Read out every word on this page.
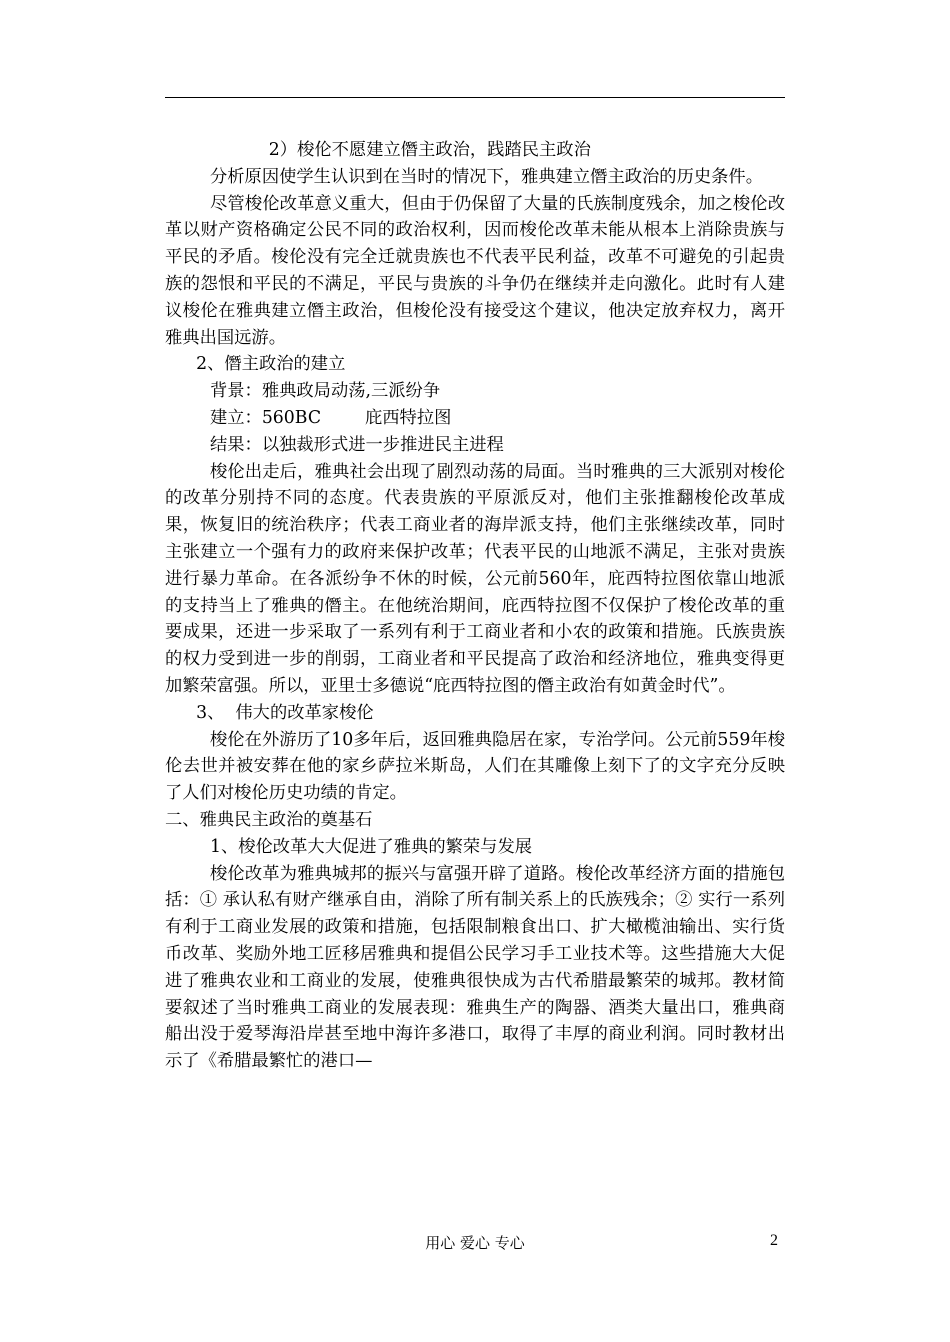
2）梭伦不愿建立僭主政治，践踏民主政治

分析原因使学生认识到在当时的情况下，雅典建立僭主政治的历史条件。

尽管梭伦改革意义重大，但由于仍保留了大量的氏族制度残余，加之梭伦改革以财产资格确定公民不同的政治权利，因而梭伦改革未能从根本上消除贵族与平民的矛盾。梭伦没有完全迁就贵族也不代表平民利益，改革不可避免的引起贵族的怨恨和平民的不满足，平民与贵族的斗争仍在继续并走向激化。此时有人建议梭伦在雅典建立僭主政治，但梭伦没有接受这个建议，他决定放弃权力，离开雅典出国远游。

2、僭主政治的建立

背景：雅典政局动荡,三派纷争

建立：560BC        庇西特拉图

结果：以独裁形式进一步推进民主进程

梭伦出走后，雅典社会出现了剧烈动荡的局面。当时雅典的三大派别对梭伦的改革分别持不同的态度。代表贵族的平原派反对，他们主张推翻梭伦改革成果，恢复旧的统治秩序；代表工商业者的海岸派支持，他们主张继续改革，同时主张建立一个强有力的政府来保护改革；代表平民的山地派不满足，主张对贵族进行暴力革命。在各派纷争不休的时候，公元前560年，庇西特拉图依靠山地派的支持当上了雅典的僭主。在他统治期间，庇西特拉图不仅保护了梭伦改革的重要成果，还进一步采取了一系列有利于工商业者和小农的政策和措施。氏族贵族的权力受到进一步的削弱，工商业者和平民提高了政治和经济地位，雅典变得更加繁荣富强。所以，亚里士多德说“庇西特拉图的僭主政治有如黄金时代”。

3、  伟大的改革家梭伦

梭伦在外游历了10多年后，返回雅典隐居在家，专治学问。公元前559年梭伦去世并被安葬在他的家乡萨拉米斯岛，人们在其雕像上刻下了的文字充分反映了人们对梭伦历史功绩的肯定。

二、雅典民主政治的奠基石

1、梭伦改革大大促进了雅典的繁荣与发展

梭伦改革为雅典城邦的振兴与富强开辟了道路。梭伦改革经济方面的措施包括：① 承认私有财产继承自由，消除了所有制关系上的氏族残余；② 实行一系列有利于工商业发展的政策和措施，包括限制粮食出口、扩大橄榄油输出、实行货币改革、奖励外地工匠移居雅典和提倡公民学习手工业技术等。这些措施大大促进了雅典农业和工商业的发展，使雅典很快成为古代希腊最繁荣的城邦。教材简要叙述了当时雅典工商业的发展表现：雅典生产的陶器、酒类大量出口，雅典商船出没于爱琴海沿岸甚至地中海许多港口，取得了丰厚的商业利润。同时教材出示了《希腊最繁忙的港口—

用心 爱心 专心	2
